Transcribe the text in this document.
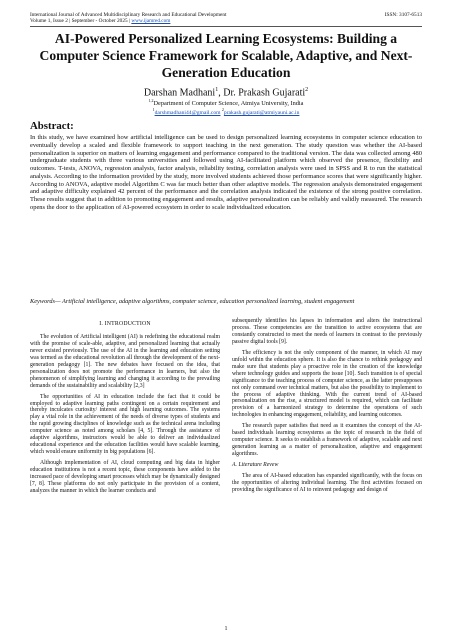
International Journal of Advanced Multidisciplinary Research and Educational Development
Volume 1, Issue 2 | September - October 2025 | www.ijamred.com
ISSN: 3107-6513
AI-Powered Personalized Learning Ecosystems: Building a Computer Science Framework for Scalable, Adaptive, and Next-Generation Education
Darshan Madhani$^1$, Dr. Prakash Gujarati$^2$
$^{1,2}$Department of Computer Science, Atmiya University, India
$^1$darshmadhani44@gmail.com $^2$prakash.gujarati@atmiyauni.ac.in
Abstract:
In this study, we have examined how artificial intelligence can be used to design personalized learning ecosystems in computer science education to eventually develop a scaled and flexible framework to support teaching in the next generation. The study question was whether the AI-based personalization is superior on matters of learning engagement and performance compared to the traditional version. The data was collected among 480 undergraduate students with three various universities and followed using AI-facilitated platform which observed the presence, flexibility and outcomes. T-tests, ANOVA, regression analysis, factor analysis, reliability testing, correlation analysis were used in SPSS and R to run the statistical analysis. According to the information provided by the study, more involved students achieved those performance scores that were significantly higher. According to ANOVA, adaptive model Algorithm C was far much better than other adaptive models. The regression analysis demonstrated engagement and adaptive difficulty explained 42 percent of the performance and the correlation analysis indicated the existence of the strong positive correlation. These results suggest that in addition to promoting engagement and results, adaptive personalization can be reliably and validly measured. The research opens the door to the application of AI-powered ecosystem in order to scale individualized education.
Keywords— Artificial intelligence, adaptive algorithms, computer science, education personalized learning, student engagement
I. INTRODUCTION

The evolution of Artificial intelligent (AI) is redefining the educational realm with the promise of scale-able, adaptive, and personalized learning that actually never existed previously. The use of the AI in the learning and education setting was termed as the educational revolution all through the development of the next-generation pedagogy [1]. The new debates have focused on the idea, that personalization does not promote the performance in learners, but also the phenomenon of simplifying learning and changing it according to the prevailing demands of the sustainability and scalability [2,3]

The opportunities of AI in education include the fact that it could be employed to adaptive learning paths contingent on a certain requirement and thereby inculcates curiosity/ interest and high learning outcomes. The systems play a vital role in the achievement of the needs of diverse types of students and the rapid growing disciplines of knowledge such as the technical arena including computer science as noted among scholars [4, 5]. Through the assistance of adaptive algorithms, instructors would be able to deliver an individualized educational experience and the education facilities would have scalable learning, which would ensure uniformity in big populations [6].

Although implementation of AI, cloud computing and big data in higher education institutions is not a recent topic, these components have added to the increased pace of developing smart processes which may be dynamically designed [7, 8]. These platforms do not only participate in the provision of a content, analyzes the manner in which the learner conducts and

subsequently identifies his lapses in information and alters the instructional process. These competencies are the transition to active ecosystems that are constantly constructed to meet the needs of learners in contrast to the previously passive digital tools [9].

The efficiency is not the only component of the manner, in which AI may unfold within the education sphere. It is also the chance to rethink pedagogy and make sure that students play a proactive role in the creation of the knowledge where technology guides and supports the issue [10]. Such transition is of special significance to the teaching process of computer science, as the latter presupposes not only command over technical matters, but also the possibility to implement to the process of adaptive thinking. With the current trend of AI-based personalization on the rise, a structured model is required, which can facilitate provision of a harmonized strategy to determine the operations of such technologies in enhancing engagement, reliability, and learning outcomes.

The research paper satisfies that need as it examines the concept of the AI-based individuals learning ecosystems as the topic of research in the field of computer science. It seeks to establish a framework of adaptive, scalable and next generation learning as a matter of personalization, adaptive and engagement algorithms.

A. Literature Revew

The area of AI-based education has expanded significantly, with the focus on the opportunities of altering individual learning. The first activities focused on providing the significance of AI to reinvent pedagogy and design of

1
